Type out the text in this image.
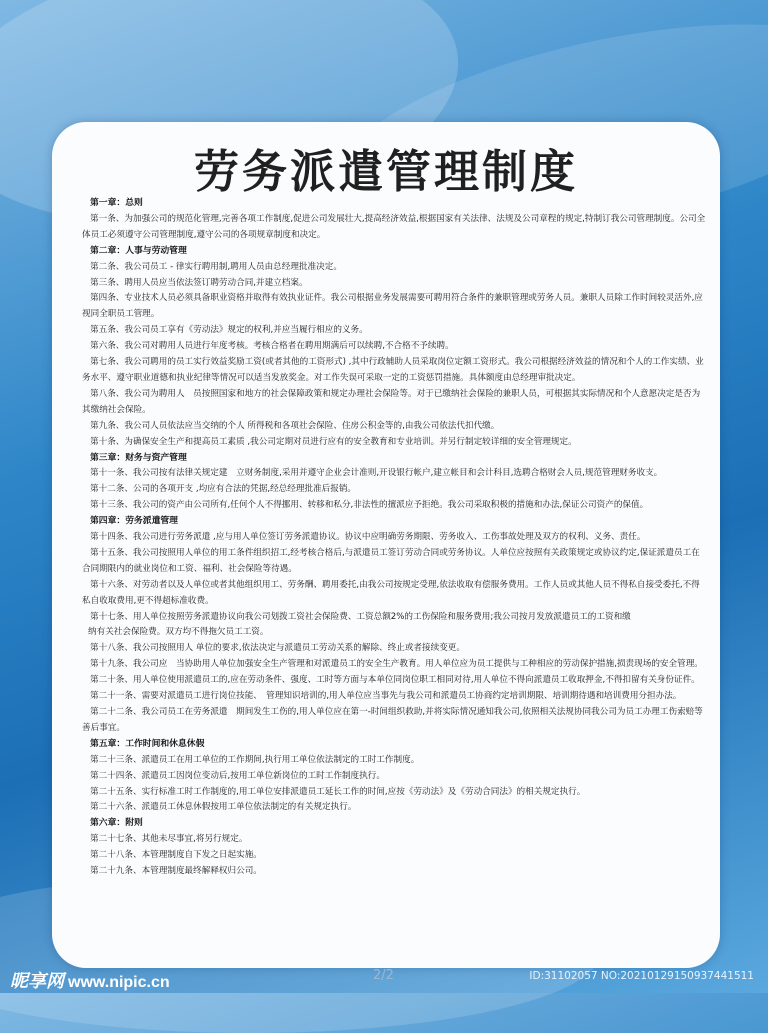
劳务派遣管理制度
第一章：总则

第一条、为加强公司的规范化管理,完善各项工作制度,促进公司发展壮大,提高经济效益,根据国家有关法律、法规及公司章程的规定,特制订我公司管理制度。公司全体员工必须遵守公司管理制度,遵守公司的各项规章制度和决定。

第二章：人事与劳动管理

第二条、我公司员工 - 律实行聘用制,聘用人员由总经理批准决定。

第三条、聘用人员应当依法签订聘劳动合同,并建立档案。

第四条、专业技术人员必须具备职业资格并取得有效执业证件。我公司根据业务发展需要可聘用符合条件的兼职管理或劳务人员。兼职人员除工作时间较灵活外,应视同全职员工管理。

第五条、我公司员工享有《劳动法》规定的权利,并应当履行相应的义务。

第六条、我公司对聘用人员进行年度考核。考核合格者在聘用期满后可以续聘,不合格不予续聘。

第七条、我公司聘用的员工实行效益奖励工资(或者其他的工资形式) ,其中行政辅助人员采取岗位定额工资形式。我公司根据经济效益的情况和个人的工作实绩、业务水平、遵守职业道德和执业纪律等情况可以适当发放奖金。对工作失误可采取一定的工资惩罚措施。具体额度由总经理审批决定。

第八条、我公司为聘用人　员按照国家和地方的社会保障政策和规定办理社会保险等。对于已缴纳社会保险的兼职人员，可根据其实际情况和个人意愿决定是否为其缴纳社会保险。

第九条、我公司人员依法应当交纳的个人 所得税和各项社会保险、住房公积金等的,由我公司依法代扣代缴。

第十条、为确保安全生产和提高员工素质 ,我公司定期对员进行应有的安全教育和专业培训。并另行制定较详细的安全管理规定。

第三章：财务与资产管理

第十一条、我公司按有法律关规定建　立财务制度,采用并遵守企业会计准则,开设银行帐户,建立帐目和会计科目,选聘合格财会人员,规范管理财务收支。

第十二条、公司的各项开支 ,均应有合法的凭据,经总经理批准后报销。

第十三条、我公司的资产由公司所有,任何个人不得挪用、转移和私分,非法性的擅派应予拒绝。我公司采取积极的措施和办法,保证公司资产的保值。

第四章：劳务派遣管理

第十四条、我公司进行劳务派遣 ,应与用人单位签订劳务派遣协议。协议中应明确劳务期限、劳务收入、工伤事故处理及双方的权利、义务、责任。

第十五条、我公司按照用人单位的用工条件组织招工,经考核合格后,与派遣员工签订劳动合同或劳务协议。人单位应按照有关政策规定或协议约定,保证派遣员工在合同期限内的就业岗位和工资、福利、社会保险等待遇。

第十六条、对劳动者以及人单位或者其他组织用工、劳务酬、聘用委托,由我公司按规定受理,依法收取有偿服务费用。工作人员或其他人员不得私自接受委托,不得私自收取费用,更不得超标准收费。

第十七条、用人单位按照劳务派遣协议向我公司划拨工资社会保险费、工资总额2%的工伤保险和服务费用;我公司按月发放派遣员工的工资和缴

纳有关社会保险费。双方均不得拖欠员工工资。

第十八条、我公司按照用人 单位的要求,依法决定与派遣员工劳动关系的解除、终止或者接续变更。

第十九条、我公司应　当协助用人单位加强安全生产管理和对派遣员工的安全生产教育。用人单位应为员工提供与工种相应的劳动保护措施,损责现场的安全管理。

第二十条、用人单位使用派遣员工的,应在劳动条件、强度、工时等方面与本单位同岗位职工相同对待,用人单位不得向派遣员工收取押金,不得扣留有关身份证件。

第二十一条、需要对派遣员工进行岗位技能、　管理知识培训的,用人单位应当事先与我公司和派遣员工协商约定培训期限、培训期待遇和培训费用分担办法。

第二十二条、我公司员工在劳务派遣　期间发生工伤的,用人单位应在第一-时间组织救助,并将实际情况通知我公司,依照相关法规协同我公司为员工办理工伤索赔等善后事宜。

第五章：工作时间和休息休假

第二十三条、派遣员工在用工单位的工作期间,执行用工单位依法制定的工时工作制度。

第二十四条、派遣员工因岗位变动后,按用工单位新岗位的工时工作制度执行。

第二十五条、实行标准工时工作制度的,用工单位安排派遣员工延长工作的时间,应按《劳动法》及《劳动合同法》的相关规定执行。

第二十六条、派遣员工休息休假按用工单位依法制定的有关规定执行。

第六章：附则

第二十七条、其他未尽事宜,将另行规定。

第二十八条、本管理制度自下发之日起实施。

第二十九条、本管理制度最终解释权归公司。

2/2
昵享网 www.nipic.cn	ID:31102057 NO:20210129150937441511
